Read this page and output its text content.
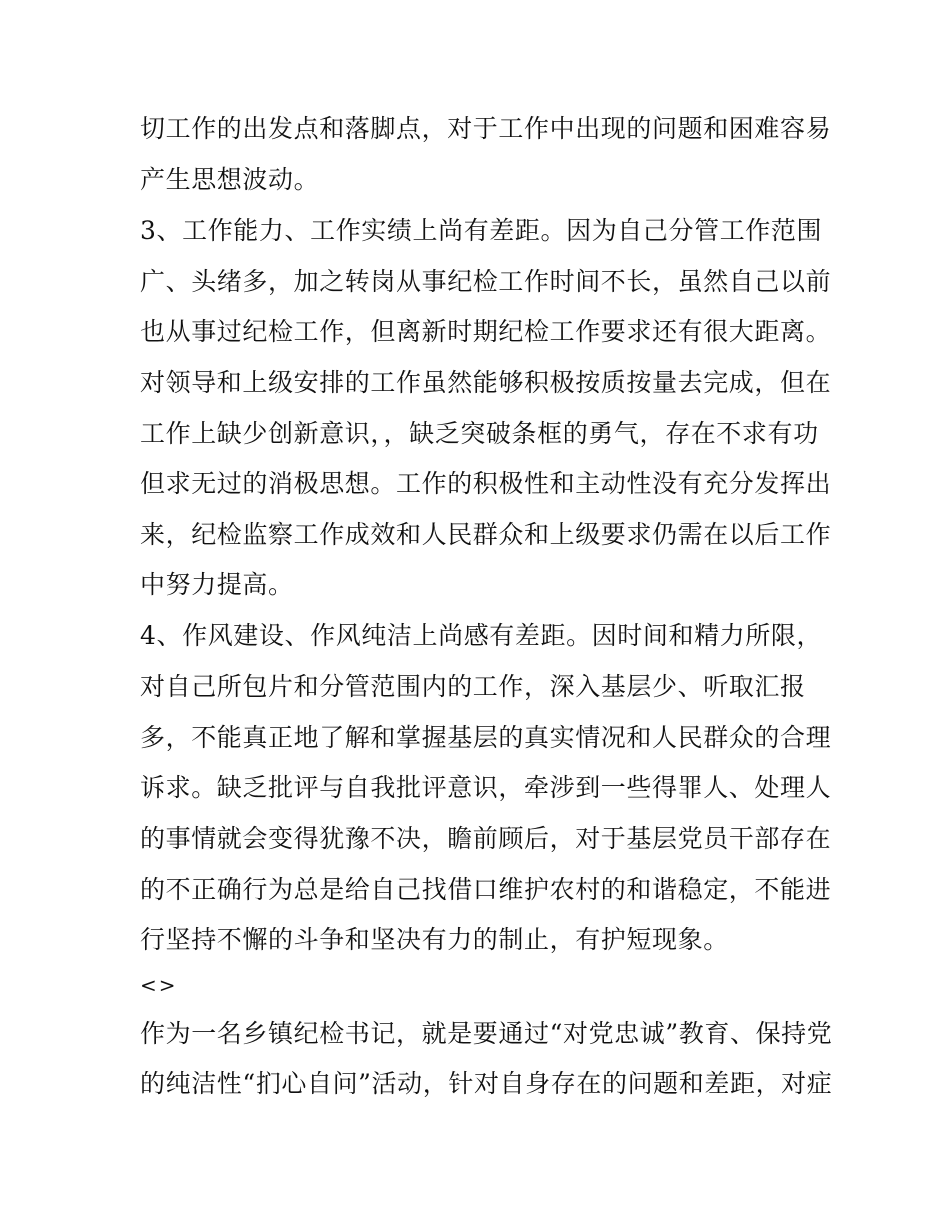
切工作的出发点和落脚点，对于工作中出现的问题和困难容易
产生思想波动。
3、工作能力、工作实绩上尚有差距。因为自己分管工作范围
广、头绪多，加之转岗从事纪检工作时间不长，虽然自己以前
也从事过纪检工作，但离新时期纪检工作要求还有很大距离。
对领导和上级安排的工作虽然能够积极按质按量去完成，但在
工作上缺少创新意识，，缺乏突破条框的勇气，存在不求有功
但求无过的消极思想。工作的积极性和主动性没有充分发挥出
来，纪检监察工作成效和人民群众和上级要求仍需在以后工作
中努力提高。
4、作风建设、作风纯洁上尚感有差距。因时间和精力所限，
对自己所包片和分管范围内的工作，深入基层少、听取汇报
多，不能真正地了解和掌握基层的真实情况和人民群众的合理
诉求。缺乏批评与自我批评意识，牵涉到一些得罪人、处理人
的事情就会变得犹豫不决，瞻前顾后，对于基层党员干部存在
的不正确行为总是给自己找借口维护农村的和谐稳定，不能进
行坚持不懈的斗争和坚决有力的制止，有护短现象。
<>
作为一名乡镇纪检书记，就是要通过“对党忠诚”教育、保持党
的纯洁性“扪心自问”活动，针对自身存在的问题和差距，对症
